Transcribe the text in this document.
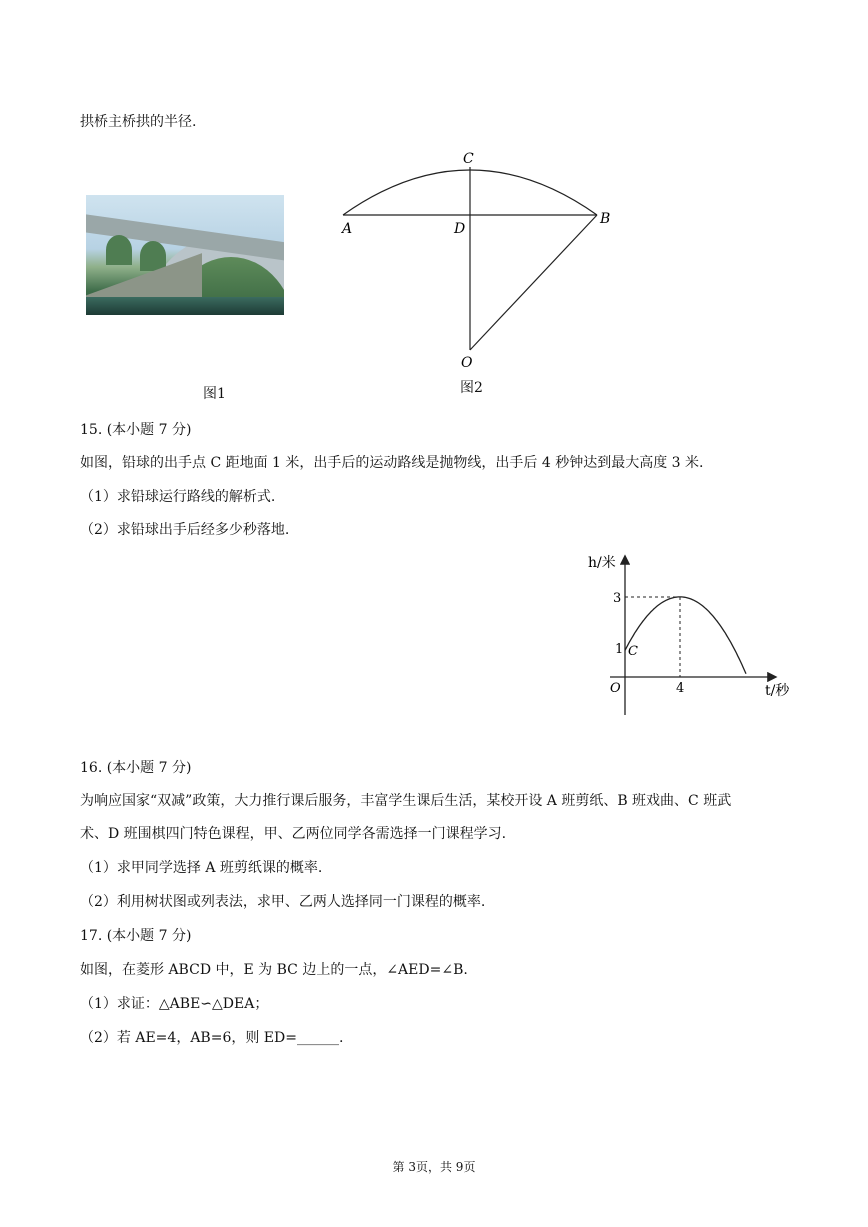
拱桥主桥拱的半径.
图1
C
A	D
B
O
图2
15. (本小题 7 分)
如图，铅球的出手点 C 距地面 1 米，出手后的运动路线是抛物线，出手后 4 秒钟达到最大高度 3 米.
（1）求铅球运行路线的解析式.
（2）求铅球出手后经多少秒落地.
h/米
t/秒
O
3
1
4
C
16. (本小题 7 分)
为响应国家“双减”政策，大力推行课后服务，丰富学生课后生活，某校开设 A 班剪纸、B 班戏曲、C 班武
术、D 班围棋四门特色课程，甲、乙两位同学各需选择一门课程学习.
（1）求甲同学选择 A 班剪纸课的概率.
（2）利用树状图或列表法，求甲、乙两人选择同一门课程的概率.
17. (本小题 7 分)
如图，在菱形 ABCD 中，E 为 BC 边上的一点，∠AED=∠B.
（1）求证：△ABE∽△DEA；
（2）若 AE=4，AB=6，则 ED=______.
第 3页，共 9页
